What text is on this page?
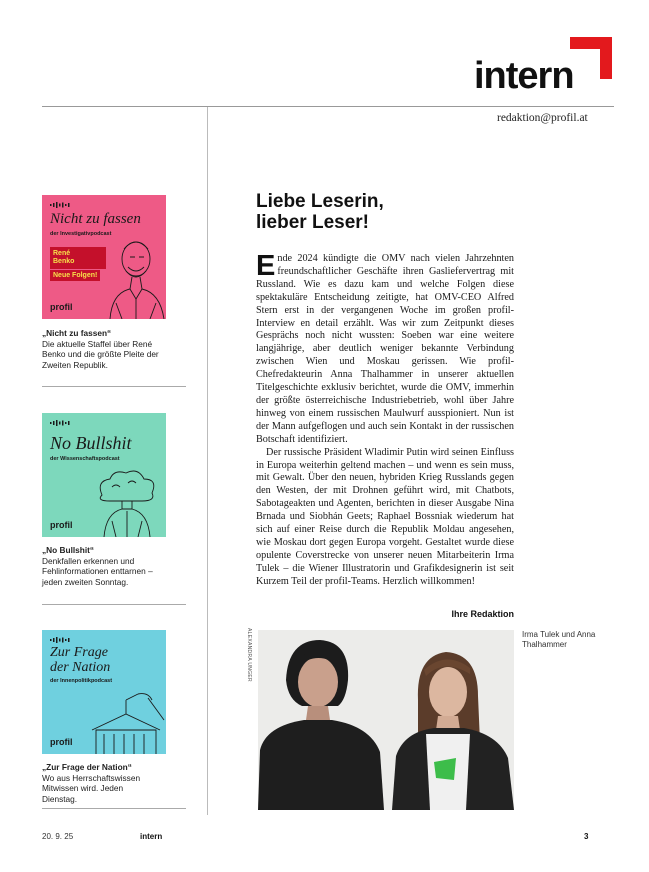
intern
redaktion@profil.at
Nicht zu fassen
der Investigativpodcast
René Benko
Neue Folgen!
profil
„Nicht zu fassen“
Die aktuelle Staffel über René Benko und die größte Pleite der Zweiten Republik.
No Bullshit
der Wissenschaftspodcast
profil
„No Bullshit“
Denkfallen erkennen und Fehlinformationen enttarnen – jeden zweiten Sonntag.
Zur Frage der Nation
der Innenpolitikpodcast
profil
„Zur Frage der Nation“
Wo aus Herrschaftswissen Mitwissen wird. Jeden Dienstag.
Liebe Leserin,
lieber Leser!

Ende 2024 kündigte die OMV nach vielen Jahrzehnten freundschaftlicher Geschäfte ihren Gasliefervertrag mit Russland. Wie es dazu kam und welche Folgen diese spektakuläre Entscheidung zeitigte, hat OMV-CEO Alfred Stern erst in der vergangenen Woche im großen profil-Interview en detail erzählt. Was wir zum Zeitpunkt dieses Gesprächs noch nicht wussten: Soeben war eine weitere langjährige, aber deutlich weniger bekannte Verbindung zwischen Wien und Moskau gerissen. Wie profil-Chefredakteurin Anna Thalhammer in unserer aktuellen Titelgeschichte exklusiv berichtet, wurde die OMV, immerhin der größte österreichische Industriebetrieb, wohl über Jahre hinweg von einem russischen Maulwurf ausspioniert. Nun ist der Mann aufgeflogen und auch sein Kontakt in der russischen Botschaft identifiziert.

Der russische Präsident Wladimir Putin wird seinen Einfluss in Europa weiterhin geltend machen – und wenn es sein muss, mit Gewalt. Über den neuen, hybriden Krieg Russlands gegen den Westen, der mit Drohnen geführt wird, mit Chatbots, Sabotageakten und Agenten, berichten in dieser Ausgabe Nina Brnada und Siobhán Geets; Raphael Bossniak wiederum hat sich auf einer Reise durch die Republik Moldau angesehen, wie Moskau dort gegen Europa vorgeht. Gestaltet wurde diese opulente Coverstrecke von unserer neuen Mitarbeiterin Irma Tulek – die Wiener Illustratorin und Grafikdesignerin ist seit Kurzem Teil der profil-Teams. Herzlich willkommen!

Ihre Redaktion
ALEXANDRA UNGER	Irma Tulek und Anna Thalhammer
20. 9. 25	intern	3
